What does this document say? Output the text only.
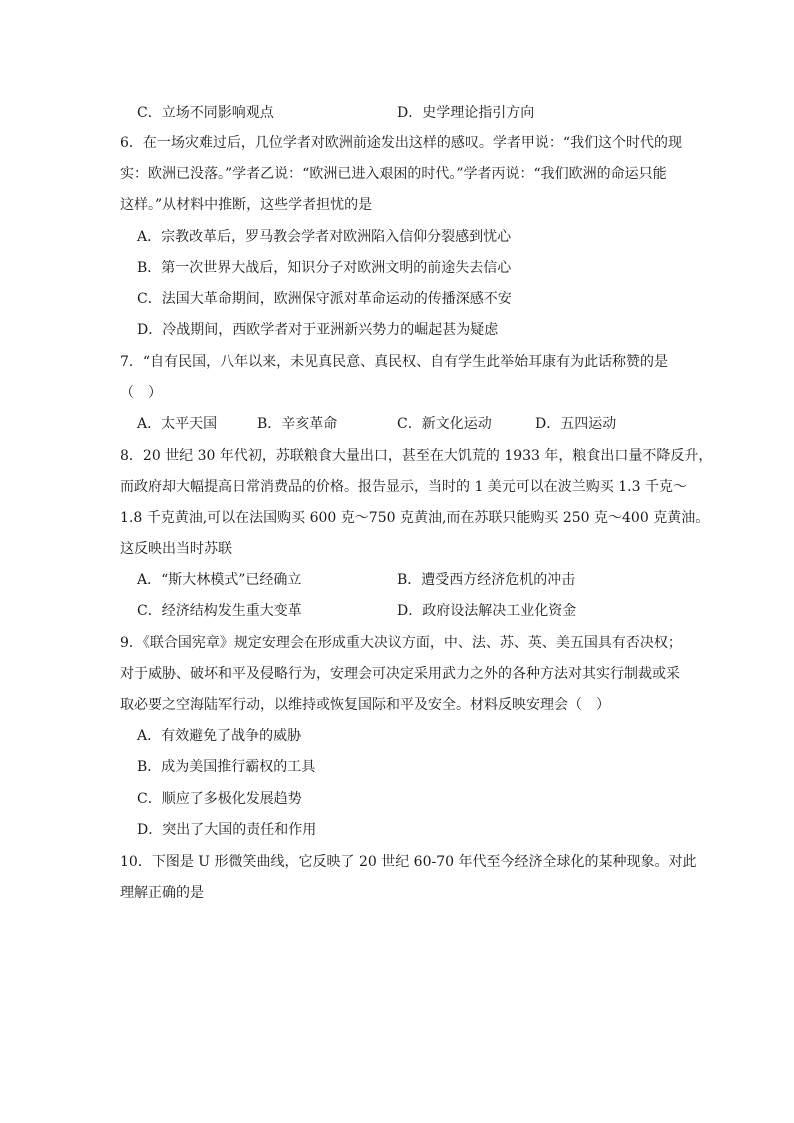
C．立场不同影响观点	D．史学理论指引方向
6．在一场灾难过后，几位学者对欧洲前途发出这样的感叹。学者甲说：“我们这个时代的现
实：欧洲已没落。”学者乙说：“欧洲已进入艰困的时代。”学者丙说：“我们欧洲的命运只能
这样。”从材料中推断，这些学者担忧的是
A．宗教改革后，罗马教会学者对欧洲陷入信仰分裂感到忧心
B．第一次世界大战后，知识分子对欧洲文明的前途失去信心
C．法国大革命期间，欧洲保守派对革命运动的传播深感不安
D．冷战期间，西欧学者对于亚洲新兴势力的崛起甚为疑虑
7．“自有民国，八年以来，未见真民意、真民权、自有学生此举始耳康有为此话称赞的是
（　）
A．太平天国	B．辛亥革命	C．新文化运动	D．五四运动
8．20 世纪 30 年代初，苏联粮食大量出口，甚至在大饥荒的 1933 年，粮食出口量不降反升，
而政府却大幅提高日常消费品的价格。报告显示，当时的 1 美元可以在波兰购买 1.3 千克～
1.8 千克黄油,可以在法国购买 600 克～750 克黄油,而在苏联只能购买 250 克～400 克黄油。
这反映出当时苏联
A．“斯大林模式”已经确立	B．遭受西方经济危机的冲击
C．经济结构发生重大变革	D．政府设法解决工业化资金
9．《联合国宪章》规定安理会在形成重大决议方面，中、法、苏、英、美五国具有否决权；
对于威胁、破坏和平及侵略行为，安理会可决定采用武力之外的各种方法对其实行制裁或采
取必要之空海陆军行动，以维持或恢复国际和平及安全。材料反映安理会（　）
A．有效避免了战争的威胁
B．成为美国推行霸权的工具
C．顺应了多极化发展趋势
D．突出了大国的责任和作用
10．下图是 U 形微笑曲线，它反映了 20 世纪 60-70 年代至今经济全球化的某种现象。对此
理解正确的是
